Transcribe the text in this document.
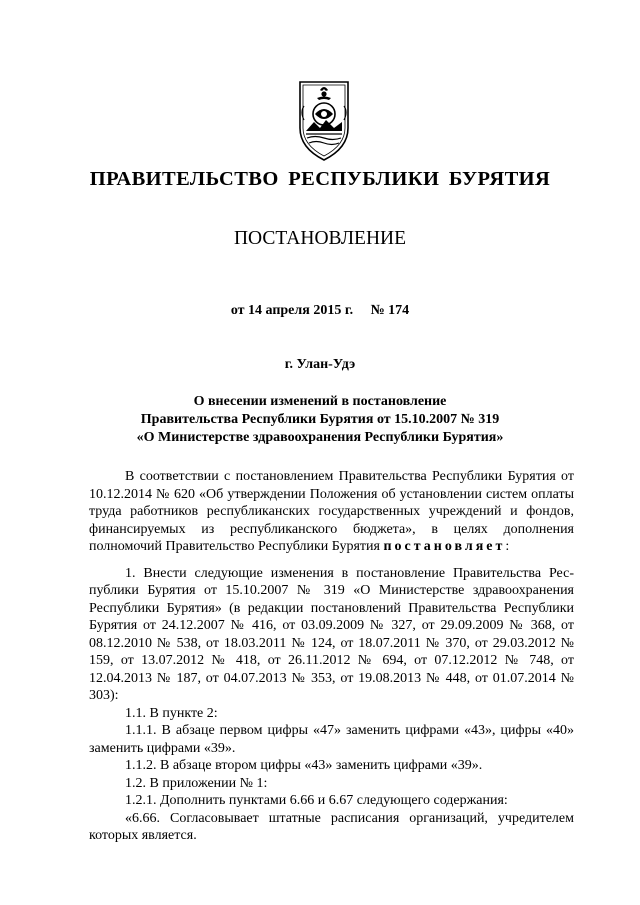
ПРАВИТЕЛЬСТВО РЕСПУБЛИКИ БУРЯТИЯ
ПОСТАНОВЛЕНИЕ
от 14 апреля 2015 г.     № 174
г. Улан-Удэ
О внесении изменений в постановление
Правительства Республики Бурятия от 15.10.2007 № 319
«О Министерстве здравоохранения Республики Бурятия»

В соответствии с постановлением Правительства Республики Бурятия от 10.12.2014 № 620 «Об утверждении Положения об установлении систем оплаты труда работников республиканских государственных учреждений и фондов, финансируемых из республиканского бюджета», в целях дополнения полномочий Правительство Республики Бурятия постановляет:

1. Внести следующие изменения в постановление Правительства Рес-публики Бурятия от 15.10.2007 № 319 «О Министерстве здравоохранения Республики Бурятия» (в редакции постановлений Правительства Республики Бурятия от 24.12.2007 № 416, от 03.09.2009 № 327, от 29.09.2009 № 368, от 08.12.2010 № 538, от 18.03.2011 № 124, от 18.07.2011 № 370, от 29.03.2012 № 159, от 13.07.2012 № 418, от 26.11.2012 № 694, от 07.12.2012 № 748, от 12.04.2013 № 187, от 04.07.2013 № 353, от 19.08.2013 № 448, от 01.07.2014 № 303):

1.1. В пункте 2:

1.1.1. В абзаце первом цифры «47» заменить цифрами «43», цифры «40» заменить цифрами «39».

1.1.2. В абзаце втором цифры «43» заменить цифрами «39».

1.2. В приложении № 1:

1.2.1. Дополнить пунктами 6.66 и 6.67 следующего содержания:

«6.66. Согласовывает штатные расписания организаций, учредителем которых является.
